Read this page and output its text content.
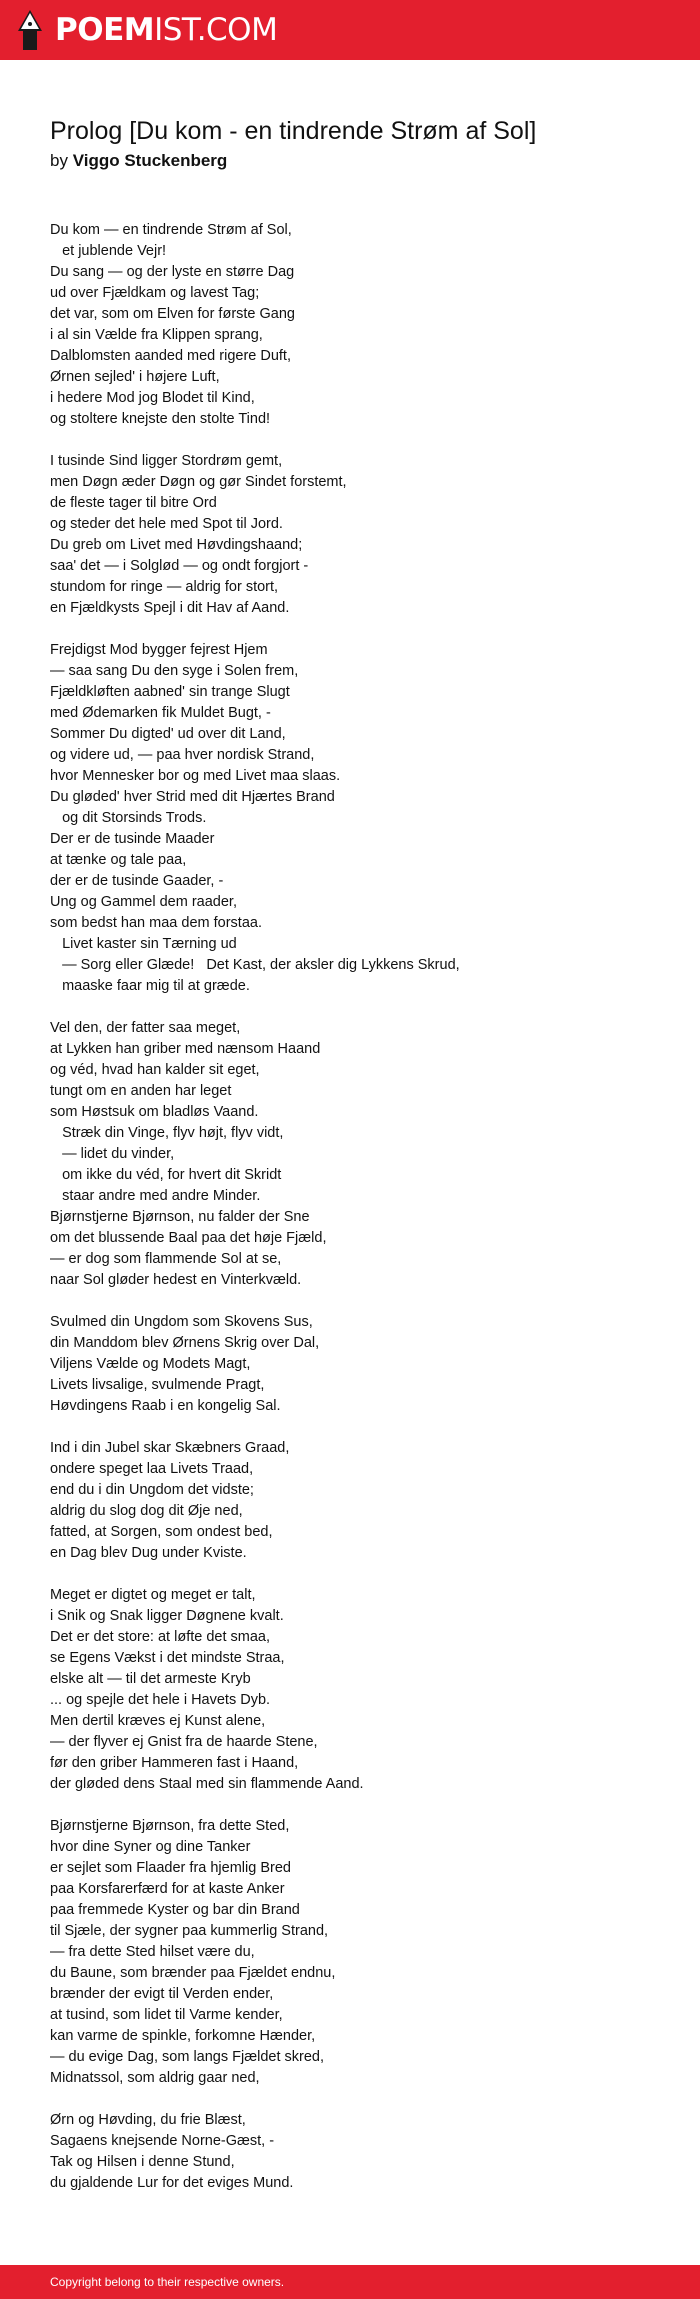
POEMIST.COM
Prolog [Du kom - en tindrende Strøm af Sol]
by Viggo Stuckenberg
Du kom — en tindrende Strøm af Sol,
et jublende Vejr!
Du sang — og der lyste en større Dag
ud over Fjældkam og lavest Tag;
det var, som om Elven for første Gang
i al sin Vælde fra Klippen sprang,
Dalblomsten aanded med rigere Duft,
Ørnen sejled' i højere Luft,
i hedere Mod jog Blodet til Kind,
og stoltere knejste den stolte Tind!
I tusinde Sind ligger Stordrøm gemt,
men Døgn æder Døgn og gør Sindet forstemt,
de fleste tager til bitre Ord
og steder det hele med Spot til Jord.
Du greb om Livet med Høvdingshaand;
saa' det — i Solglød — og ondt forgjort -
stundom for ringe — aldrig for stort,
en Fjældkysts Spejl i dit Hav af Aand.
Frejdigst Mod bygger fejrest Hjem
— saa sang Du den syge i Solen frem,
Fjældkløften aabned' sin trange Slugt
med Ødemarken fik Muldet Bugt, -
Sommer Du digted' ud over dit Land,
og videre ud, — paa hver nordisk Strand,
hvor Mennesker bor og med Livet maa slaas.
Du gløded' hver Strid med dit Hjærtes Brand
og dit Storsinds Trods.
Der er de tusinde Maader
at tænke og tale paa,
der er de tusinde Gaader, -
Ung og Gammel dem raader,
som bedst han maa dem forstaa.
Livet kaster sin Tærning ud
— Sorg eller Glæde!   Det Kast, der aksler dig Lykkens Skrud,
maaske faar mig til at græde.
Vel den, der fatter saa meget,
at Lykken han griber med nænsom Haand
og véd, hvad han kalder sit eget,
tungt om en anden har leget
som Høstsuk om bladløs Vaand.
Stræk din Vinge, flyv højt, flyv vidt,
— lidet du vinder,
om ikke du véd, for hvert dit Skridt
staar andre med andre Minder.
Bjørnstjerne Bjørnson, nu falder der Sne
om det blussende Baal paa det høje Fjæld,
— er dog som flammende Sol at se,
naar Sol gløder hedest en Vinterkvæld.
Svulmed din Ungdom som Skovens Sus,
din Manddom blev Ørnens Skrig over Dal,
Viljens Vælde og Modets Magt,
Livets livsalige, svulmende Pragt,
Høvdingens Raab i en kongelig Sal.
Ind i din Jubel skar Skæbners Graad,
ondere speget laa Livets Traad,
end du i din Ungdom det vidste;
aldrig du slog dog dit Øje ned,
fatted, at Sorgen, som ondest bed,
en Dag blev Dug under Kviste.
Meget er digtet og meget er talt,
i Snik og Snak ligger Døgnene kvalt.
Det er det store: at løfte det smaa,
se Egens Vækst i det mindste Straa,
elske alt — til det armeste Kryb
... og spejle det hele i Havets Dyb.
Men dertil kræves ej Kunst alene,
— der flyver ej Gnist fra de haarde Stene,
før den griber Hammeren fast i Haand,
der gløded dens Staal med sin flammende Aand.
Bjørnstjerne Bjørnson, fra dette Sted,
hvor dine Syner og dine Tanker
er sejlet som Flaader fra hjemlig Bred
paa Korsfarerfærd for at kaste Anker
paa fremmede Kyster og bar din Brand
til Sjæle, der sygner paa kummerlig Strand,
— fra dette Sted hilset være du,
du Baune, som brænder paa Fjældet endnu,
brænder der evigt til Verden ender,
at tusind, som lidet til Varme kender,
kan varme de spinkle, forkomne Hænder,
— du evige Dag, som langs Fjældet skred,
Midnatssol, som aldrig gaar ned,
Ørn og Høvding, du frie Blæst,
Sagaens knejsende Norne-Gæst, -
Tak og Hilsen i denne Stund,
du gjaldende Lur for det eviges Mund.
Copyright belong to their respective owners.
